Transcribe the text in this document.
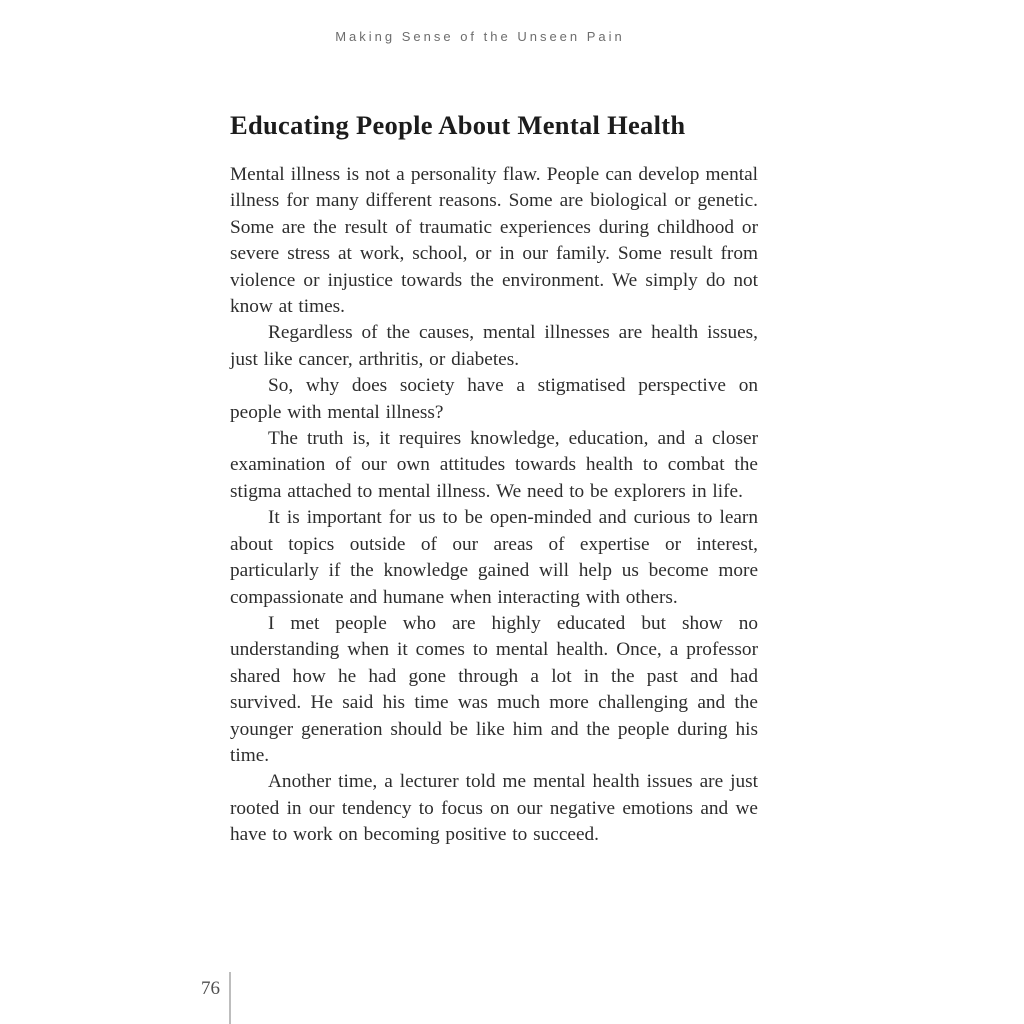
Making Sense of the Unseen Pain
Educating People About Mental Health

Mental illness is not a personality flaw. People can develop mental illness for many different reasons. Some are biological or genetic. Some are the result of traumatic experiences during childhood or severe stress at work, school, or in our family. Some result from violence or injustice towards the environment. We simply do not know at times.

Regardless of the causes, mental illnesses are health issues, just like cancer, arthritis, or diabetes.

So, why does society have a stigmatised perspective on people with mental illness?

The truth is, it requires knowledge, education, and a closer examination of our own attitudes towards health to combat the stigma attached to mental illness. We need to be explorers in life.

It is important for us to be open-minded and curious to learn about topics outside of our areas of expertise or interest, particularly if the knowledge gained will help us become more compassionate and humane when interacting with others.

I met people who are highly educated but show no understanding when it comes to mental health. Once, a professor shared how he had gone through a lot in the past and had survived. He said his time was much more challenging and the younger generation should be like him and the people during his time.

Another time, a lecturer told me mental health issues are just rooted in our tendency to focus on our negative emotions and we have to work on becoming positive to succeed.

76
